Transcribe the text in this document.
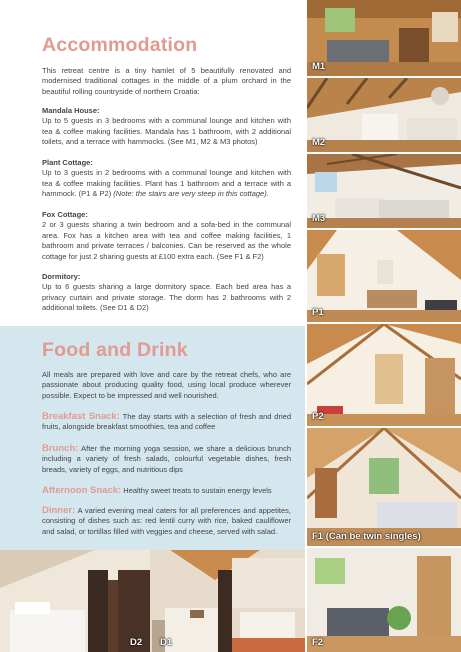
Accommodation

This retreat centre is a tiny hamlet of 5 beautifully renovated and modernised traditional cottages in the middle of a plum orchard in the beautiful rolling countryside of northern Croatia:

Mandala House:
Up to 5 guests in 3 bedrooms with a communal lounge and kitchen with tea & coffee making facilities. Mandala has 1 bathroom, with 2 additional toilets, and a terrace with hammocks. (See M1, M2 & M3 photos)
Plant Cottage:
Up to 3 guests in 2 bedrooms with a communal lounge and kitchen with tea & coffee making facilities. Plant has 1 bathroom and a terrace with a hammock. (P1 & P2) (Note: the stairs are very steep in this cottage).
Fox Cottage:
2 or 3 guests sharing a twin bedroom and a sofa-bed in the communal area. Fox has a kitchen area with tea and coffee making facilities, 1 bathroom and private terraces / balconies. Can be reserved as the whole cottage for just 2 sharing guests at £100 extra each. (See F1 & F2)
Dormitory:
Up to 6 guests sharing a large dormitory space. Each bed area has a privacy curtain and private storage. The dorm has 2 bathrooms with 2 additional toilets. (See D1 & D2)
Food and Drink

All meals are prepared with love and care by the retreat chefs, who are passionate about producing quality food, using local produce wherever possible. Expect to be impressed and well nourished.

Breakfast Snack: The day starts with a selection of fresh and dried fruits, alongside breakfast smoothies, tea and coffee

Brunch: After the morning yoga session, we share a delicious brunch including a variety of fresh salads, colourful vegetable dishes, fresh breads, variety of eggs, and nutritious dips

Afternoon Snack: Healthy sweet treats to sustain energy levels

Dinner: A varied evening meal caters for all preferences and appetites, consisting of dishes such as: red lentil curry with rice, baked cauliflower and salad, or tortillas filled with veggies and cheese, served with salad.

D2 D1
M1
M2
M3
P1
P2
F1 (Can be twin singles)
F2
